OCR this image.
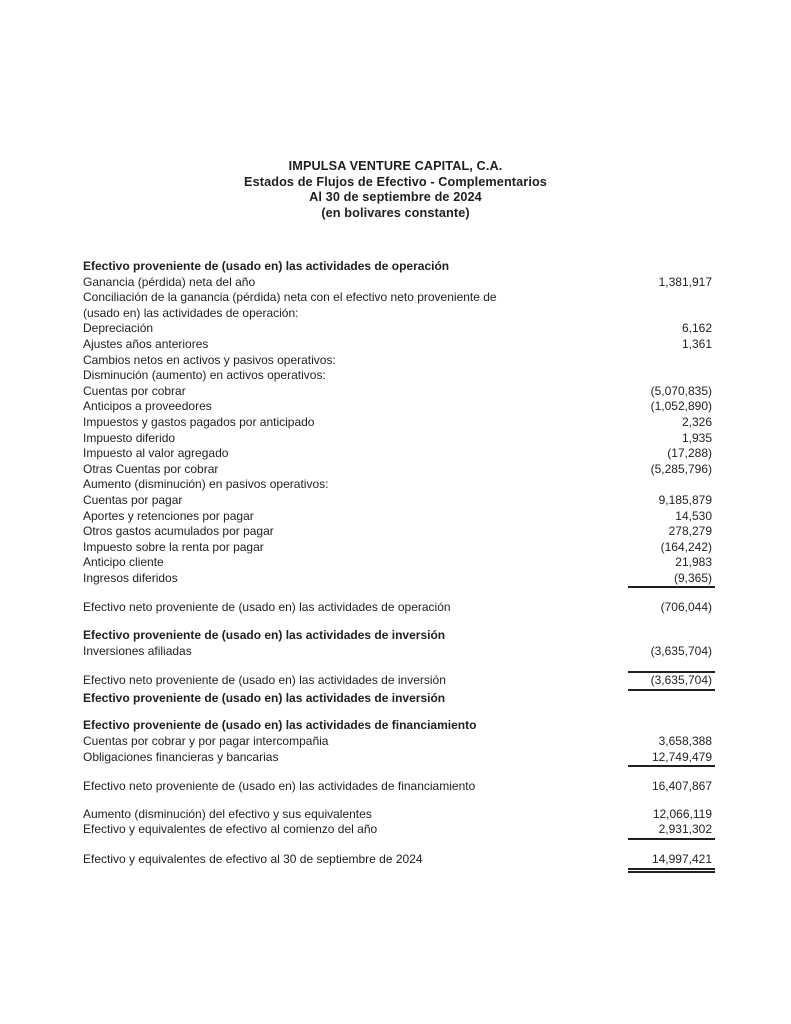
IMPULSA VENTURE CAPITAL, C.A.
Estados de Flujos de Efectivo - Complementarios
Al 30 de septiembre de 2024
(en bolivares constante)
Efectivo proveniente de (usado en) las actividades de operación
Ganancia (pérdida) neta del año	1,381,917
Conciliación de la ganancia (pérdida) neta con el efectivo neto proveniente de
(usado en) las actividades de operación:
Depreciación	6,162
Ajustes años anteriores	1,361
Cambios netos en activos y pasivos operativos:
Disminución (aumento) en activos operativos:
Cuentas por cobrar	(5,070,835)
Anticipos a proveedores	(1,052,890)
Impuestos y gastos pagados por anticipado	2,326
Impuesto diferido	1,935
Impuesto al valor agregado	(17,288)
Otras Cuentas por cobrar	(5,285,796)
Aumento (disminución) en pasivos operativos:
Cuentas por pagar	9,185,879
Aportes y retenciones por pagar	14,530
Otros gastos acumulados por pagar	278,279
Impuesto sobre la renta por pagar	(164,242)
Anticipo cliente	21,983
Ingresos diferidos	(9,365)
Efectivo neto proveniente de (usado en) las actividades de operación	(706,044)
Efectivo proveniente de (usado en) las actividades de inversión
Inversiones afiliadas	(3,635,704)
Efectivo neto proveniente de (usado en) las actividades de inversión	(3,635,704)
Efectivo proveniente de (usado en) las actividades de inversión
Efectivo proveniente de (usado en) las actividades de financiamiento
Cuentas por cobrar y por pagar intercompañia	3,658,388
Obligaciones financieras y bancarias	12,749,479
Efectivo neto proveniente de (usado en) las actividades de financiamiento	16,407,867
Aumento (disminución) del efectivo y sus equivalentes	12,066,119
Efectivo y equivalentes de efectivo al comienzo del año	2,931,302
Efectivo y equivalentes de efectivo al 30 de septiembre de 2024	14,997,421
